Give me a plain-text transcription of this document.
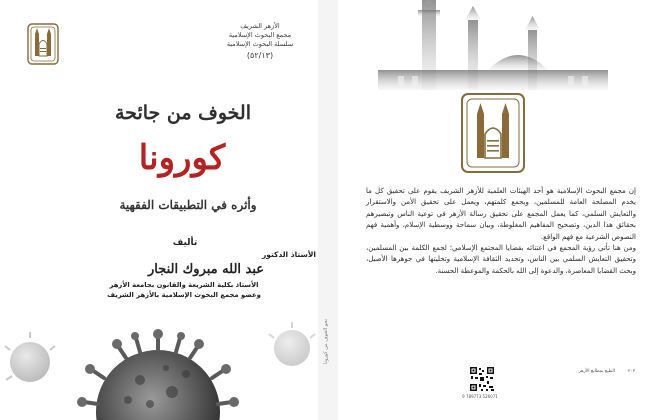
الأزهر الشريف
مجمع البحوث الإسلامية
سلسلة البحوث الإسلامية
(٥٢/١٣)
الخوف من جائحة
كورونا
وأثره في التطبيقات الفقهية
تأليف
الأستاذ الدكتور
عبد الله مبروك النجار
الأستاذ بكلية الشريعة والقانون بجامعة الأزهر
وعضو مجمع البحوث الإسلامية بالأزهر الشريف
نحو الخوف من كورونا

إن مجمع البحوث الإسلامية هو أحد الهيئات العلمية للأزهر الشريف يقوم على تحقيق كل ما يخدم المصلحة العامة للمسلمين، ويجمع كلمتهم، ويعمل على تحقيق الأمن والاستقرار والتعايش السلمي، كما يعمل المجمع على تحقيق رسالة الأزهر في توعية الناس وتبصيرهم بحقائق هذا الدين، وتصحيح المفاهيم المغلوطة، وبيان سماحة ووسطية الإسلام، وأهمية فهم النصوص الشرعية مع فهم الواقع.

ومن هنا تأتي رؤية المجمع في اعتنائه بقضايا المجتمع الإسلامي؛ لجمع الكلمة بين المسلمين، وتحقيق التعايش السلمي بين الناس، وتجديد الثقافة الإسلامية وتخليتها في جوهرها الأصيل، وبحث القضايا المعاصرة، والدعوة إلى الله بالحكمة والموعظة الحسنة.

9 789773 526071
الطبع بمطابع الأزهر	٢٠٢
